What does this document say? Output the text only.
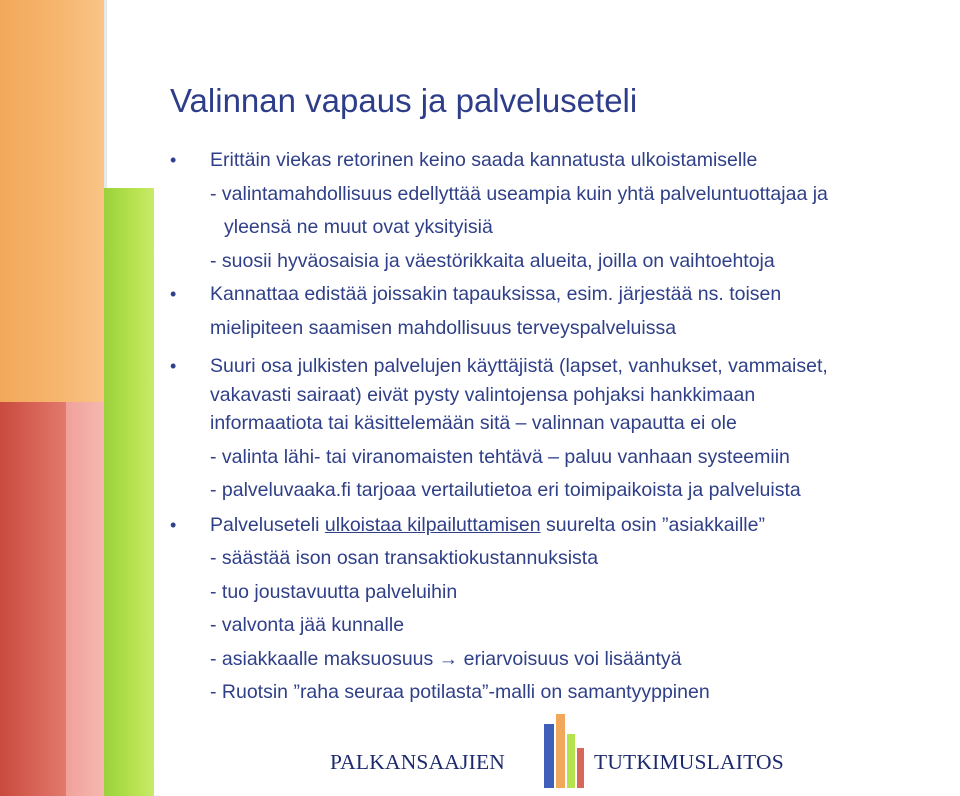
Valinnan vapaus ja palveluseteli
• Erittäin viekas retorinen keino saada kannatusta ulkoistamiselle
- valintamahdollisuus edellyttää useampia kuin yhtä palveluntuottajaa ja
yleensä ne muut ovat yksityisiä
- suosii hyväosaisia ja väestörikkaita alueita, joilla on vaihtoehtoja
• Kannattaa edistää joissakin tapauksissa, esim. järjestää ns. toisen
mielipiteen saamisen mahdollisuus terveyspalveluissa
• Suuri osa julkisten palvelujen käyttäjistä (lapset, vanhukset, vammaiset,
vakavasti sairaat) eivät pysty valintojensa pohjaksi hankkimaan
informaatiota tai käsittelemään sitä – valinnan vapautta ei ole
- valinta lähi- tai viranomaisten tehtävä – paluu vanhaan systeemiin
- palveluvaaka.fi tarjoaa vertailutietoa eri toimipaikoista ja palveluista
• Palveluseteli ulkoistaa kilpailuttamisen suurelta osin ”asiakkaille”
- säästää ison osan transaktiokustannuksista
- tuo joustavuutta palveluihin
- valvonta jää kunnalle
- asiakkaalle maksuosuus → eriarvoisuus voi lisääntyä
- Ruotsin ”raha seuraa potilasta”-malli on samantyyppinen
PALKANSAAJIEN	TUTKIMUSLAITOS
